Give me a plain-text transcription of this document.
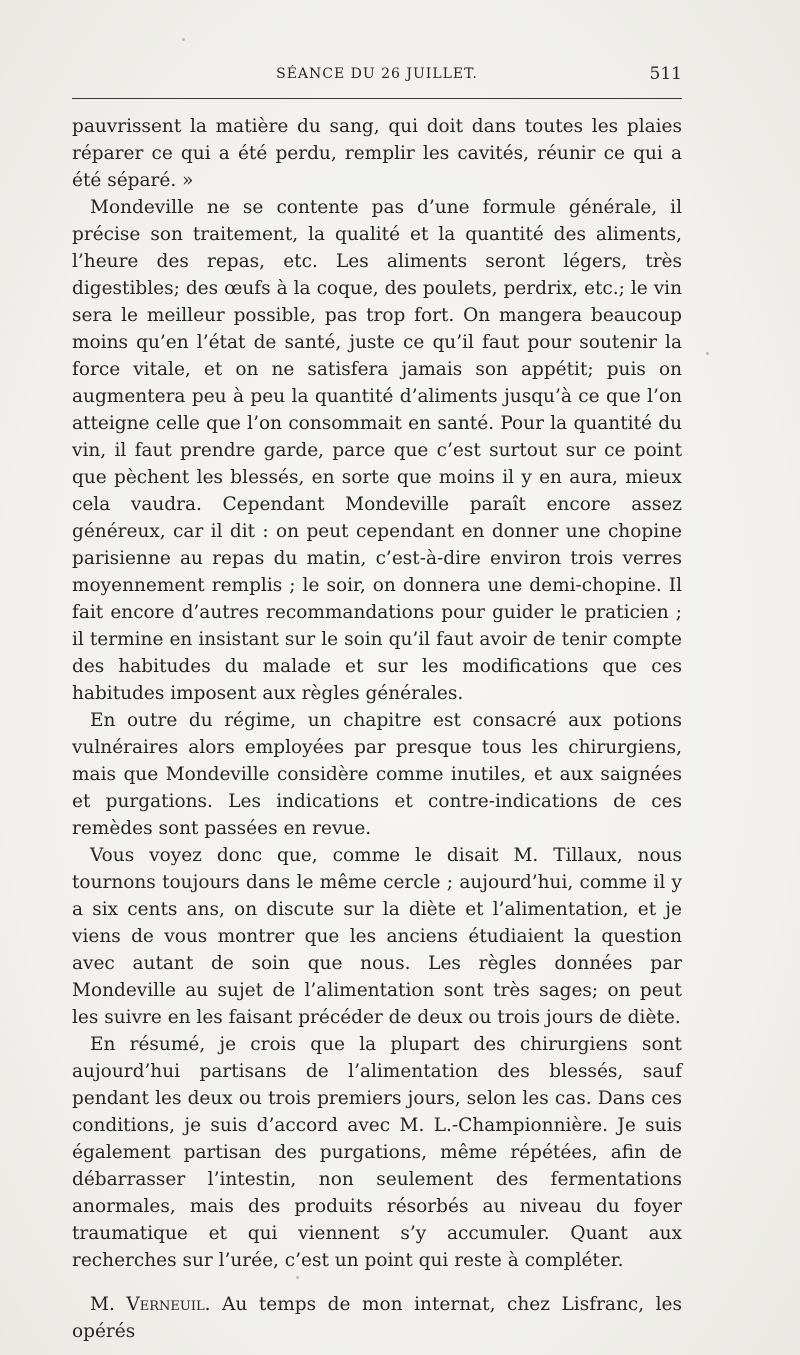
SÉANCE DU 26 JUILLET.	511

pauvrissent la matière du sang, qui doit dans toutes les plaies réparer ce qui a été perdu, remplir les cavités, réunir ce qui a été séparé. »

Mondeville ne se contente pas d’une formule générale, il précise son traitement, la qualité et la quantité des aliments, l’heure des repas, etc. Les aliments seront légers, très digestibles; des œufs à la coque, des poulets, perdrix, etc.; le vin sera le meilleur possible, pas trop fort. On mangera beaucoup moins qu’en l’état de santé, juste ce qu’il faut pour soutenir la force vitale, et on ne satisfera jamais son appétit; puis on augmentera peu à peu la quantité d’aliments jusqu’à ce que l’on atteigne celle que l’on consommait en santé. Pour la quantité du vin, il faut prendre garde, parce que c’est surtout sur ce point que pèchent les blessés, en sorte que moins il y en aura, mieux cela vaudra. Cependant Mondeville paraît encore assez généreux, car il dit : on peut cependant en donner une chopine parisienne au repas du matin, c’est-à-dire environ trois verres moyennement remplis ; le soir, on donnera une demi-chopine. Il fait encore d’autres recommandations pour guider le praticien ; il termine en insistant sur le soin qu’il faut avoir de tenir compte des habitudes du malade et sur les modifications que ces habitudes imposent aux règles générales.

En outre du régime, un chapitre est consacré aux potions vulnéraires alors employées par presque tous les chirurgiens, mais que Mondeville considère comme inutiles, et aux saignées et purgations. Les indications et contre-indications de ces remèdes sont passées en revue.

Vous voyez donc que, comme le disait M. Tillaux, nous tournons toujours dans le même cercle ; aujourd’hui, comme il y a six cents ans, on discute sur la diète et l’alimentation, et je viens de vous montrer que les anciens étudiaient la question avec autant de soin que nous. Les règles données par Mondeville au sujet de l’alimentation sont très sages; on peut les suivre en les faisant précéder de deux ou trois jours de diète.

En résumé, je crois que la plupart des chirurgiens sont aujourd’hui partisans de l’alimentation des blessés, sauf pendant les deux ou trois premiers jours, selon les cas. Dans ces conditions, je suis d’accord avec M. L.-Championnière. Je suis également partisan des purgations, même répétées, afin de débarrasser l’intestin, non seulement des fermentations anormales, mais des produits résorbés au niveau du foyer traumatique et qui viennent s’y accumuler. Quant aux recherches sur l’urée, c’est un point qui reste à compléter.

M. Verneuil. Au temps de mon internat, chez Lisfranc, les opérés
